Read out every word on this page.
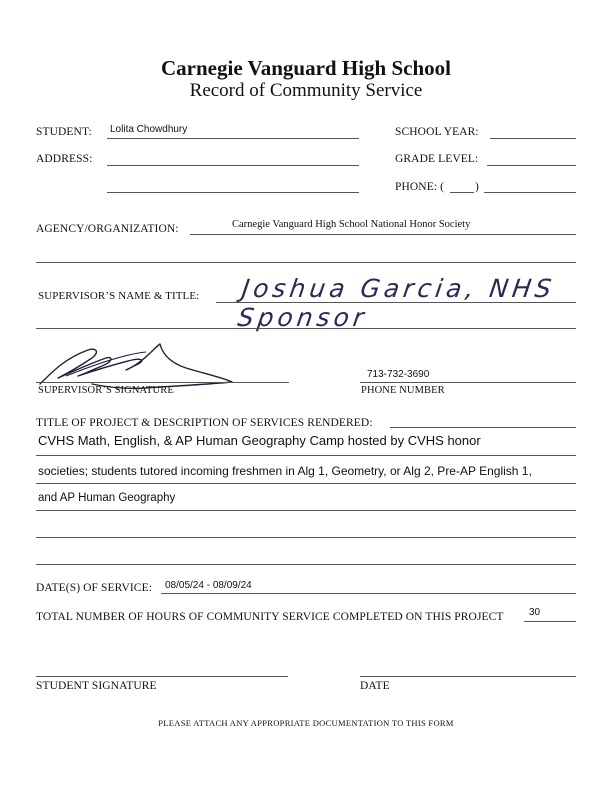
Carnegie Vanguard High School
Record of Community Service
STUDENT: Lolita Chowdhury	SCHOOL YEAR:
ADDRESS:	GRADE LEVEL:
PHONE: (	)
AGENCY/ORGANIZATION:	Carnegie Vanguard High School National Honor Society
SUPERVISOR’S NAME & TITLE: Joshua Garcia, NHS Sponsor
SUPERVISOR’S SIGNATURE
713-732-3690
PHONE NUMBER
TITLE OF PROJECT & DESCRIPTION OF SERVICES RENDERED:
CVHS Math, English, & AP Human Geography Camp hosted by CVHS honor
societies; students tutored incoming freshmen in Alg 1, Geometry, or Alg 2, Pre-AP English 1,
and AP Human Geography
DATE(S) OF SERVICE: 08/05/24 - 08/09/24
TOTAL NUMBER OF HOURS OF COMMUNITY SERVICE COMPLETED ON THIS PROJECT	30
STUDENT SIGNATURE	DATE
PLEASE ATTACH ANY APPROPRIATE DOCUMENTATION TO THIS FORM
